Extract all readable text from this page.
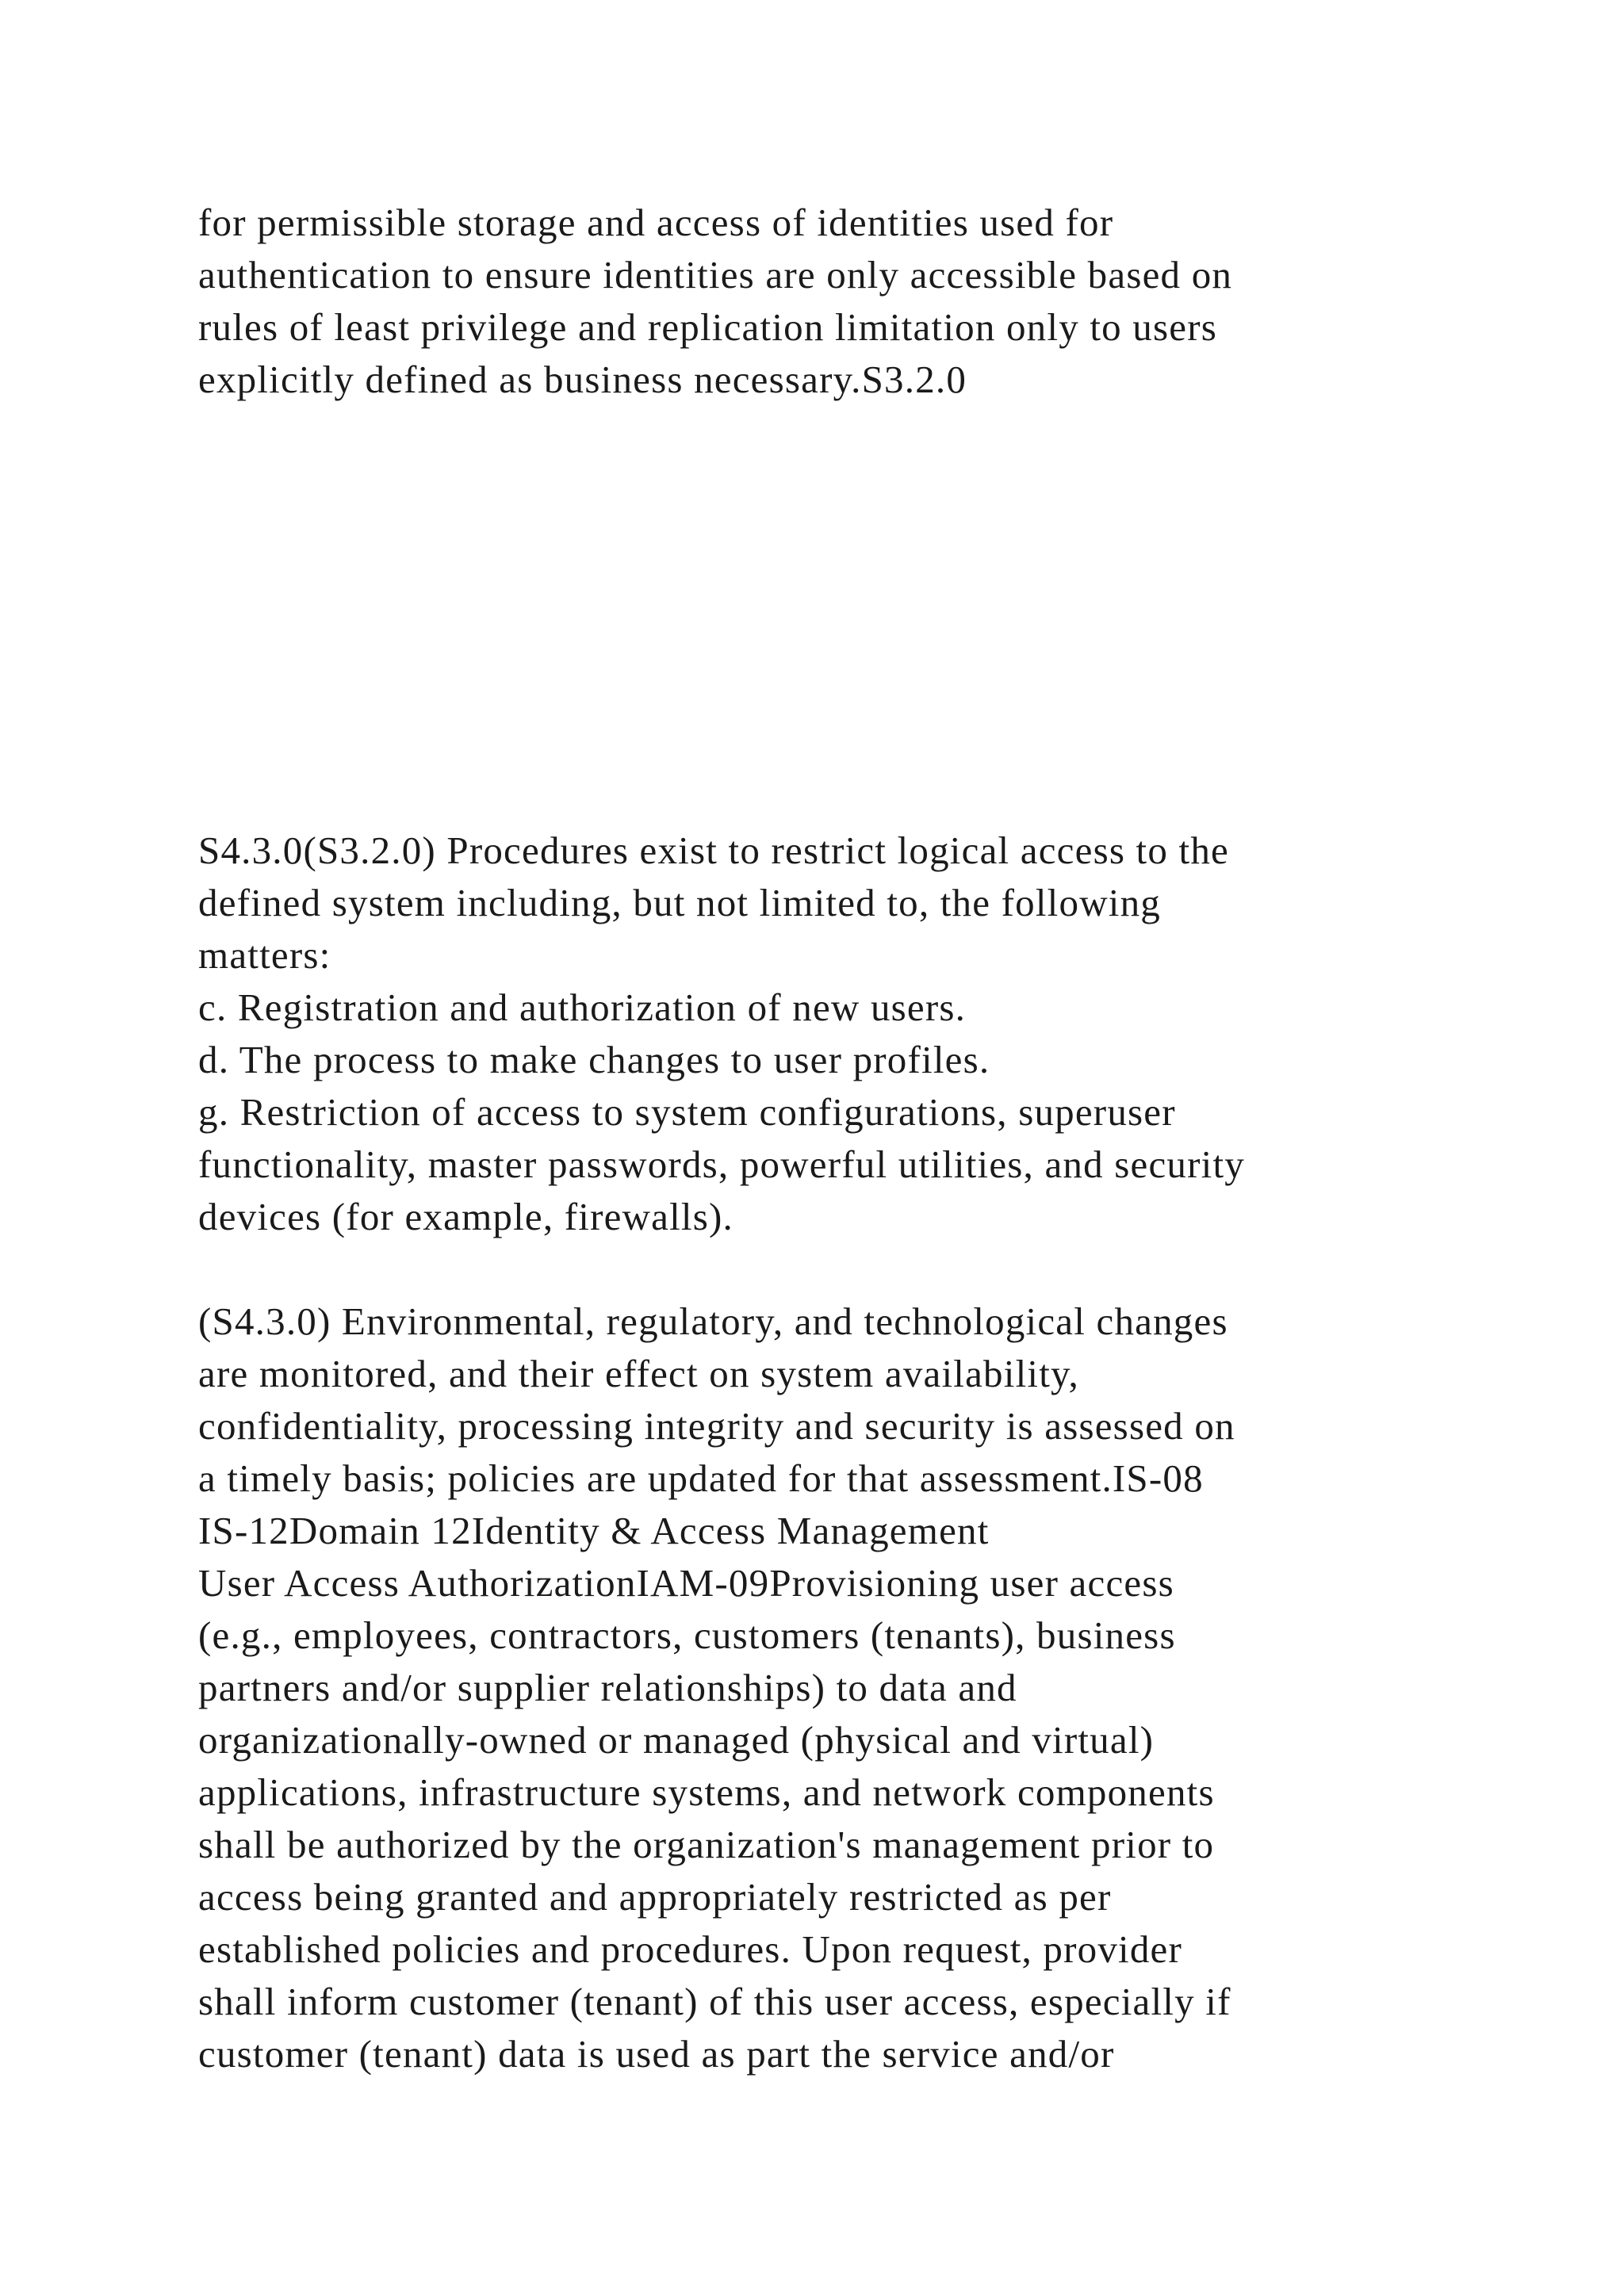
for permissible storage and access of identities used for
authentication to ensure identities are only accessible based on
rules of least privilege and replication limitation only to users
explicitly defined as business necessary.S3.2.0
S4.3.0(S3.2.0) Procedures exist to restrict logical access to the
defined system including, but not limited to, the following
matters:
c. Registration and authorization of new users.
d. The process to make changes to user profiles.
g. Restriction of access to system configurations, superuser
functionality, master passwords, powerful utilities, and security
devices (for example, firewalls).
(S4.3.0) Environmental, regulatory, and technological changes
are monitored, and their effect on system availability,
confidentiality, processing integrity and security is assessed on
a timely basis; policies are updated for that assessment.IS-08
IS-12Domain 12Identity & Access Management
User Access AuthorizationIAM-09Provisioning user access
(e.g., employees, contractors, customers (tenants), business
partners and/or supplier relationships) to data and
organizationally-owned or managed (physical and virtual)
applications, infrastructure systems, and network components
shall be authorized by the organization's management prior to
access being granted and appropriately restricted as per
established policies and procedures. Upon request, provider
shall inform customer (tenant) of this user access, especially if
customer (tenant) data is used as part the service and/or
